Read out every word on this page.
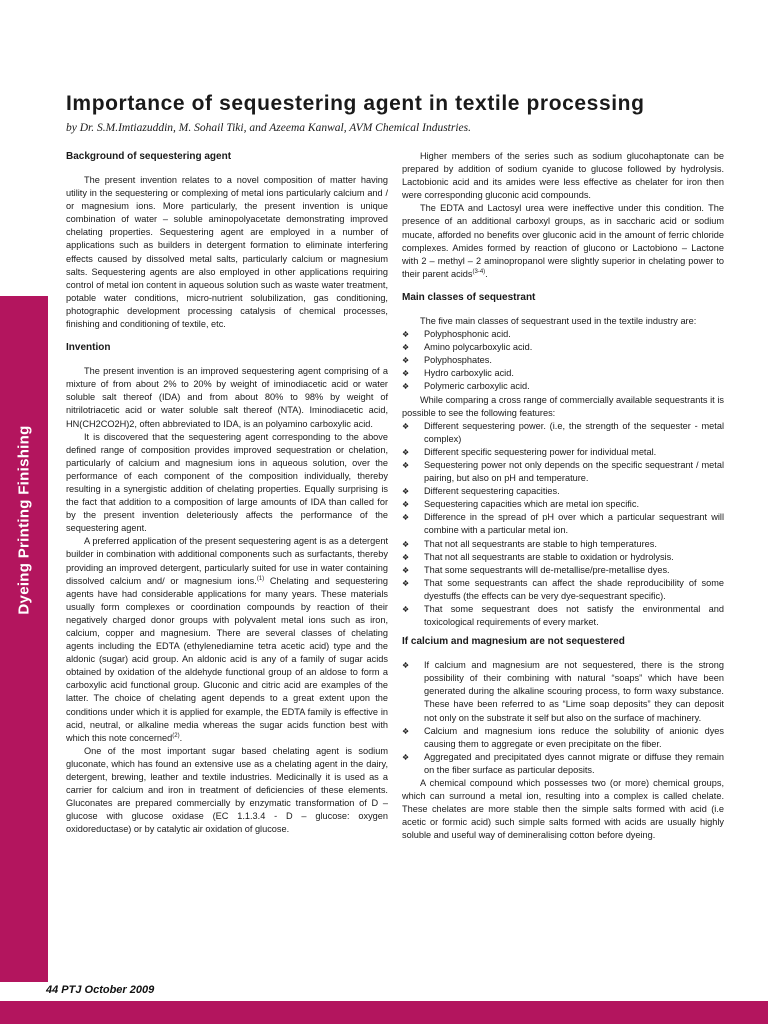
Dyeing Printing Finishing
44 PTJ October 2009
Importance of sequestering agent in textile processing
by Dr. S.M.Imtiazuddin, M. Sohail Tiki, and Azeema Kanwal, AVM Chemical Industries.
Background of sequestering agent

The present invention relates to a novel composition of matter having utility in the sequestering or complexing of metal ions particularly calcium and / or magnesium ions. More particularly, the present invention is unique combination of water – soluble aminopolyacetate demonstrating improved chelating properties. Sequestering agent are employed in a number of applications such as builders in detergent formation to eliminate interfering effects caused by dissolved metal salts, particularly calcium or magnesium salts. Sequestering agents are also employed in other applications requiring control of metal ion content in aqueous solution such as waste water treatment, potable water conditions, micro-nutrient solubilization, gas conditioning, photographic development processing catalysis of chemical processes, finishing and conditioning of textile, etc.

Invention

The present invention is an improved sequestering agent comprising of a mixture of from about 2% to 20% by weight of iminodiacetic acid or water soluble salt thereof (IDA) and from about 80% to 98% by weight of nitrilotriacetic acid or water soluble salt thereof (NTA). Iminodiacetic acid, HN(CH2CO2H)2, often abbreviated to IDA, is an polyamino carboxylic acid.

It is discovered that the sequestering agent corresponding to the above defined range of composition provides improved sequestration or chelation, particularly of calcium and magnesium ions in aqueous solution, over the performance of each component of the composition individually, thereby resulting in a synergistic addition of chelating properties. Equally surprising is the fact that addition to a composition of large amounts of IDA than called for by the present invention deleteriously affects the performance of the sequestering agent.

A preferred application of the present sequestering agent is as a detergent builder in combination with additional components such as surfactants, thereby providing an improved detergent, particularly suited for use in water containing dissolved calcium and/ or magnesium ions.$^{(1)}$ Chelating and sequestering agents have had considerable applications for many years. These materials usually form complexes or coordination compounds by reaction of their negatively charged donor groups with polyvalent metal ions such as iron, calcium, copper and magnesium. There are several classes of chelating agents including the EDTA (ethylenediamine tetra acetic acid) type and the aldonic (sugar) acid group. An aldonic acid is any of a family of sugar acids obtained by oxidation of the aldehyde functional group of an aldose to form a carboxylic acid functional group. Gluconic and citric acid are examples of the latter. The choice of chelating agent depends to a great extent upon the conditions under which it is applied for example, the EDTA family is effective in acid, neutral, or alkaline media whereas the sugar acids function best with which this note concerned$^{(2)}$.

One of the most important sugar based chelating agent is sodium gluconate, which has found an extensive use as a chelating agent in the dairy, detergent, brewing, leather and textile industries. Medicinally it is used as a carrier for calcium and iron in treatment of deficiencies of these elements. Gluconates are prepared commercially by enzymatic transformation of D – glucose with glucose oxidase (EC 1.1.3.4 - D – glucose: oxygen oxidoreductase) or by catalytic air oxidation of glucose.

Higher members of the series such as sodium glucohaptonate can be prepared by addition of sodium cyanide to glucose followed by hydrolysis. Lactobionic acid and its amides were less effective as chelater for iron then were corresponding gluconic acid compounds.

The EDTA and Lactosyl urea were ineffective under this condition. The presence of an additional carboxyl groups, as in saccharic acid or sodium mucate, afforded no benefits over gluconic acid in the amount of ferric chloride complexes. Amides formed by reaction of glucono or Lactobiono – Lactone with 2 – methyl – 2 aminopropanol were slightly superior in chelating power to their parent acids$^{(3-4)}$.

Main classes of sequestrant

The five main classes of sequestrant used in the textile industry are:

❖ Polyphosphonic acid.
❖ Amino polycarboxylic acid.
❖ Polyphosphates.
❖ Hydro carboxylic acid.
❖ Polymeric carboxylic acid.

While comparing a cross range of commercially available sequestrants it is possible to see the following features:

❖ Different sequestering power. (i.e, the strength of the sequester - metal complex)
❖ Different specific sequestering power for individual metal.
❖ Sequestering power not only depends on the specific sequestrant / metal pairing, but also on pH and temperature.
❖ Different sequestering capacities.
❖ Sequestering capacities which are metal ion specific.
❖ Difference in the spread of pH over which a particular sequestrant will combine with a particular metal ion.
❖ That not all sequestrants are stable to high temperatures.
❖ That not all sequestrants are stable to oxidation or hydrolysis.
❖ That some sequestrants will de-metallise/pre-metallise dyes.
❖ That some sequestrants can affect the shade reproducibility of some dyestuffs (the effects can be very dye-sequestrant specific).
❖ That some sequestrant does not satisfy the environmental and toxicological requirements of every market.
If calcium and magnesium are not sequestered
❖ If calcium and magnesium are not sequestered, there is the strong possibility of their combining with natural “soaps” which have been generated during the alkaline scouring process, to form waxy substance. These have been referred to as “Lime soap deposits” they can deposit not only on the substrate it self but also on the surface of machinery.
❖ Calcium and magnesium ions reduce the solubility of anionic dyes causing them to aggregate or even precipitate on the fiber.
❖ Aggregated and precipitated dyes cannot migrate or diffuse they remain on the fiber surface as particular deposits.

A chemical compound which possesses two (or more) chemical groups, which can surround a metal ion, resulting into a complex is called chelate. These chelates are more stable then the simple salts formed with acid (i.e acetic or formic acid) such simple salts formed with acids are usually highly soluble and useful way of demineralising cotton before dyeing.
